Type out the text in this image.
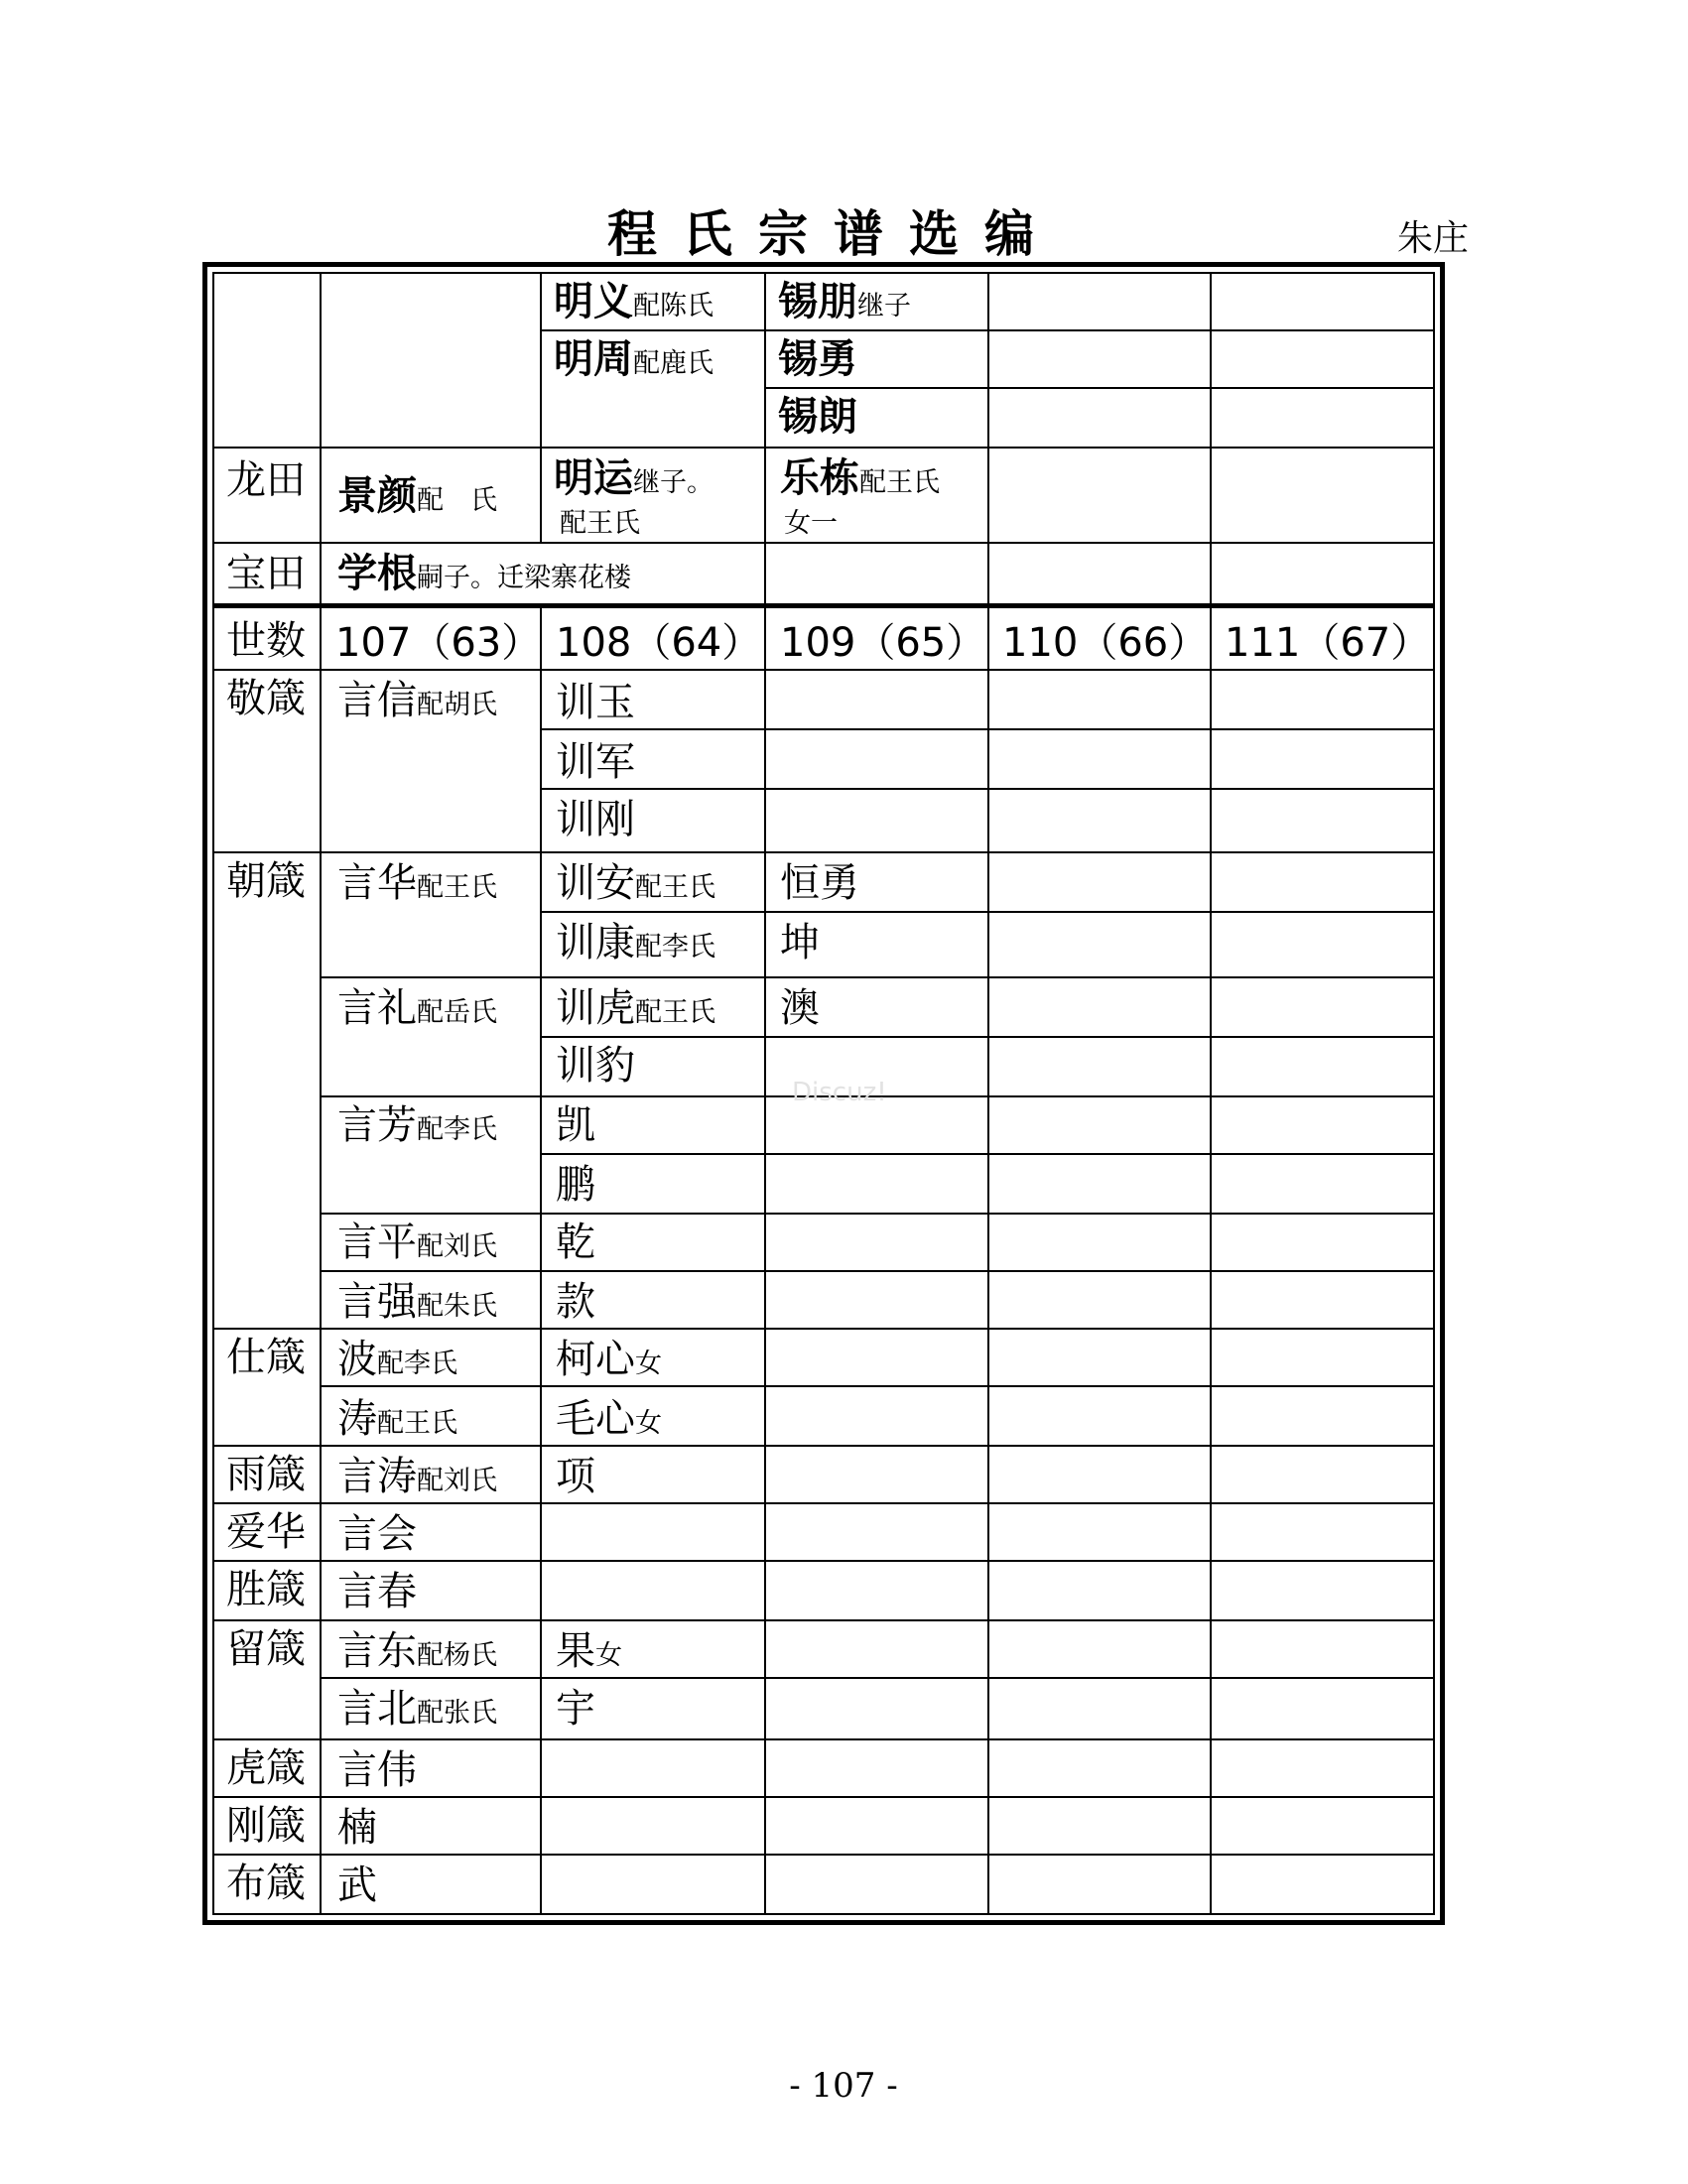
程氏宗谱选编	朱庄
明义配陈氏 锡朋继子
明周配鹿氏 锡勇
锡朗
龙田 景颜配　氏 明运继子。
配王氏
乐栋配王氏
女一
宝田 学根嗣子。迁梁寨花楼
世数 107（63） 108（64） 109（65） 110（66） 111（67）
敬箴 言信配胡氏 训玉
训军
训刚
朝箴 言华配王氏 训安配王氏 恒勇
训康配李氏 坤
言礼配岳氏 训虎配王氏 澳
训豹
言芳配李氏 凯
鹏
言平配刘氏 乾
言强配朱氏 款
仕箴 波配李氏 柯心女
涛配王氏 毛心女
雨箴 言涛配刘氏 项
爱华 言会
胜箴 言春
留箴 言东配杨氏 果女
言北配张氏 宇
虎箴 言伟
刚箴 楠
布箴 武
Discuz!
- 107 -
